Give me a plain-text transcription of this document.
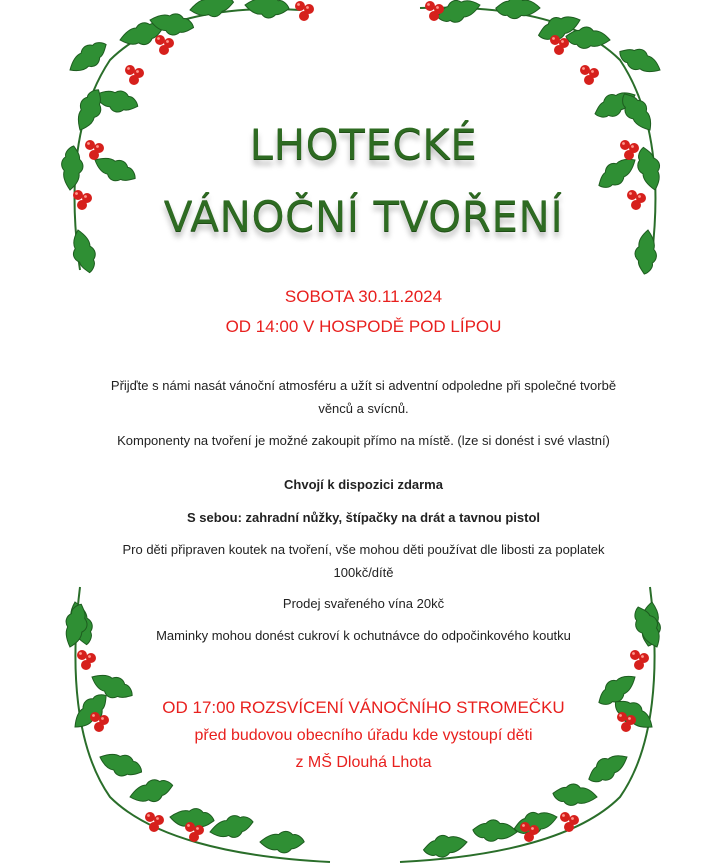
LHOTECKÉ
VÁNOČNÍ TVOŘENÍ
SOBOTA 30.11.2024
OD 14:00 V HOSPODĚ POD LÍPOU
Přijďte s námi nasát vánoční atmosféru a užít si adventní odpoledne při společné tvorbě věnců a svícnů.
Komponenty na tvoření je možné zakoupit přímo na místě. (lze si donést i své vlastní)
Chvojí k dispozici zdarma
S sebou: zahradní nůžky, štípačky na drát a tavnou pistol
Pro děti připraven koutek na tvoření, vše mohou děti používat dle libosti za poplatek 100kč/dítě
Prodej svařeného vína 20kč
Maminky mohou donést cukroví k ochutnávce do odpočinkového koutku
OD 17:00 ROZSVÍCENÍ VÁNOČNÍHO STROMEČKU
před budovou obecního úřadu kde vystoupí děti
z MŠ Dlouhá Lhota
